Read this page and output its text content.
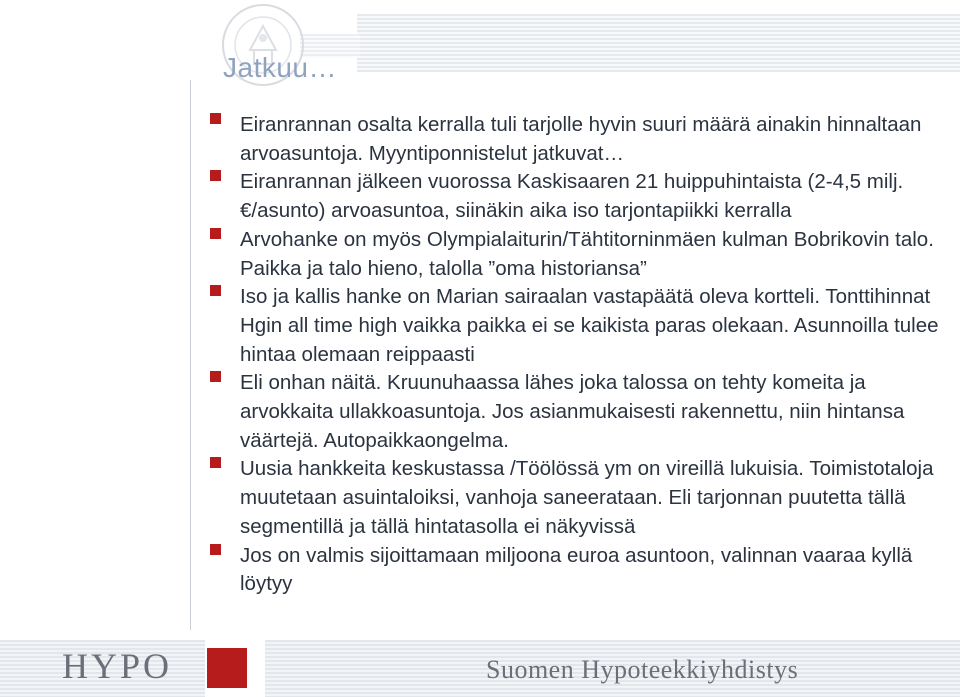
Jatkuu…
Eiranrannan osalta kerralla tuli tarjolle hyvin suuri määrä ainakin hinnaltaan arvoasuntoja. Myyntiponnistelut jatkuvat…
Eiranrannan jälkeen vuorossa Kaskisaaren 21 huippuhintaista (2-4,5 milj.€/asunto) arvoasuntoa, siinäkin aika iso tarjontapiikki kerralla
Arvohanke on myös Olympialaiturin/Tähtitorninmäen kulman Bobrikovin talo. Paikka ja talo hieno, talolla ”oma historiansa”
Iso ja kallis hanke on Marian sairaalan vastapäätä oleva kortteli. Tonttihinnat Hgin all time high vaikka paikka ei se kaikista paras olekaan. Asunnoilla tulee hintaa olemaan reippaasti
Eli onhan näitä. Kruunuhaassa lähes joka talossa on tehty komeita ja arvokkaita ullakkoasuntoja. Jos asianmukaisesti rakennettu, niin hintansa väärtejä. Autopaikkaongelma.
Uusia hankkeita keskustassa /Töölössä ym on vireillä lukuisia. Toimistotaloja muutetaan asuintaloiksi, vanhoja saneerataan. Eli tarjonnan puutetta tällä segmentillä ja tällä hintatasolla ei näkyvissä
Jos on valmis sijoittamaan miljoona euroa asuntoon, valinnan vaaraa kyllä löytyy
HYPO	Suomen Hypoteekkiyhdistys
